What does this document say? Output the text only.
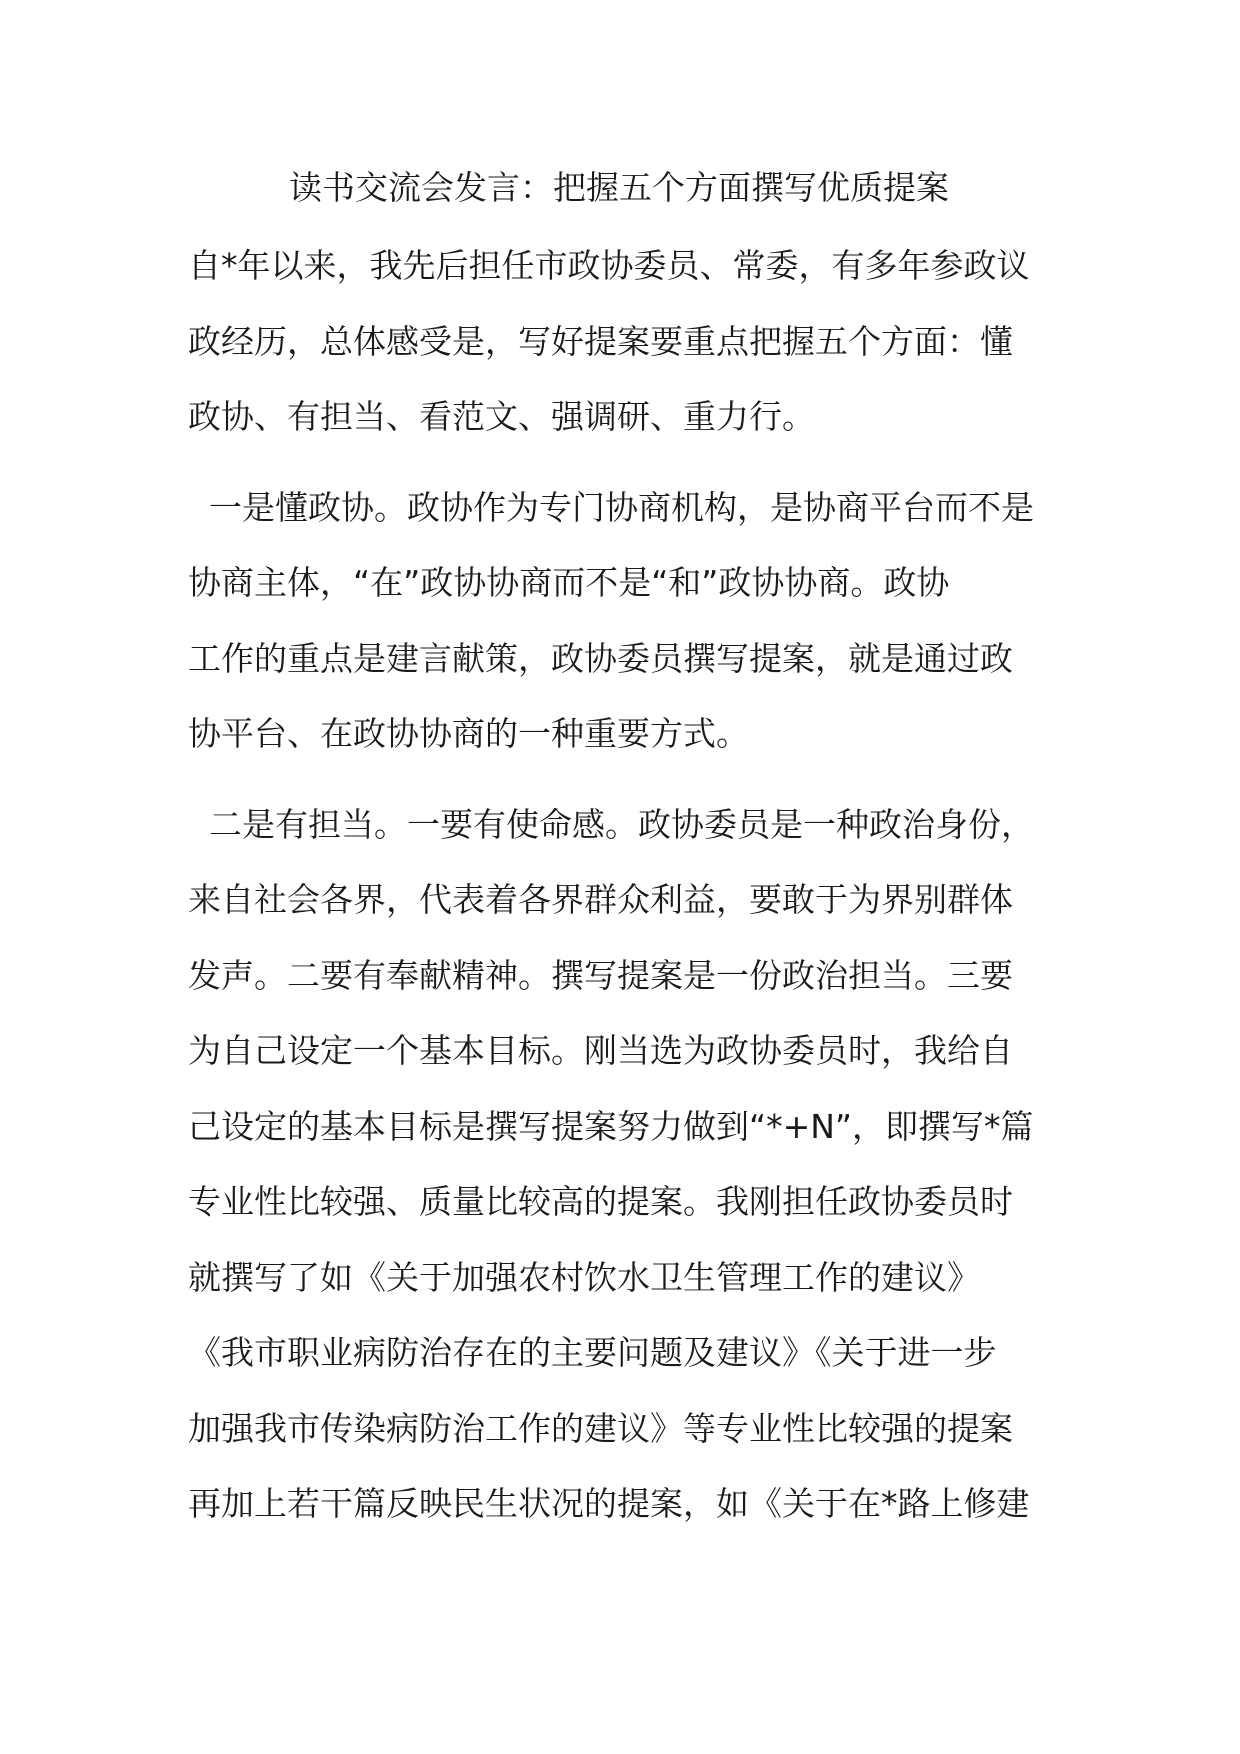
读书交流会发言：把握五个方面撰写优质提案
自*年以来，我先后担任市政协委员、常委，有多年参政议
政经历，总体感受是，写好提案要重点把握五个方面：懂
政协、有担当、看范文、强调研、重力行。
一是懂政协。政协作为专门协商机构，是协商平台而不是
协商主体，“在”政协协商而不是“和”政协协商。政协
工作的重点是建言献策，政协委员撰写提案，就是通过政
协平台、在政协协商的一种重要方式。
二是有担当。一要有使命感。政协委员是一种政治身份，
来自社会各界，代表着各界群众利益，要敢于为界别群体
发声。二要有奉献精神。撰写提案是一份政治担当。三要
为自己设定一个基本目标。刚当选为政协委员时，我给自
己设定的基本目标是撰写提案努力做到“*+N”，即撰写*篇
专业性比较强、质量比较高的提案。我刚担任政协委员时
就撰写了如《关于加强农村饮水卫生管理工作的建议》
《我市职业病防治存在的主要问题及建议》《关于进一步
加强我市传染病防治工作的建议》等专业性比较强的提案
再加上若干篇反映民生状况的提案，如《关于在*路上修建
